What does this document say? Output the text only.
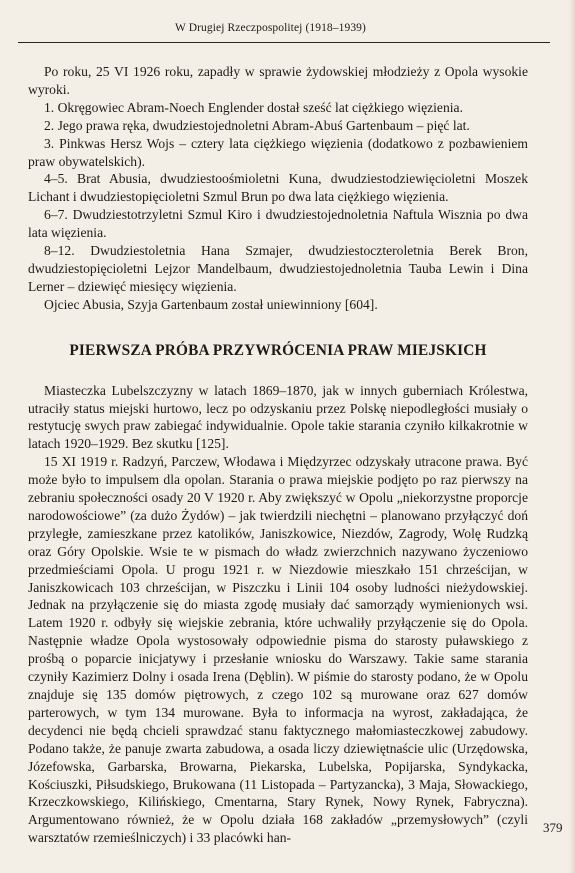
W Drugiej Rzeczpospolitej (1918–1939)

Po roku, 25 VI 1926 roku, zapadły w sprawie żydowskiej młodzieży z Opola wysokie wyroki.

1. Okręgowiec Abram-Noech Englender dostał sześć lat ciężkiego więzienia.

2. Jego prawa ręka, dwudziestojednoletni Abram-Abuś Gartenbaum – pięć lat.

3. Pinkwas Hersz Wojs – cztery lata ciężkiego więzienia (dodatkowo z pozbawieniem praw obywatelskich).

4–5. Brat Abusia, dwudziestoośmioletni Kuna, dwudziestodziewięcioletni Moszek Lichant i dwudziestopięcioletni Szmul Brun po dwa lata ciężkiego więzienia.

6–7. Dwudziestotrzyletni Szmul Kiro i dwudziestojednoletnia Naftula Wisznia po dwa lata więzienia.

8–12. Dwudziestoletnia Hana Szmajer, dwudziestoczteroletnia Berek Bron, dwudziestopięcioletni Lejzor Mandelbaum, dwudziestojednoletnia Tauba Lewin i Dina Lerner – dziewięć miesięcy więzienia.

Ojciec Abusia, Szyja Gartenbaum został uniewinniony [604].

PIERWSZA PRÓBA PRZYWRÓCENIA PRAW MIEJSKICH

Miasteczka Lubelszczyzny w latach 1869–1870, jak w innych guberniach Królestwa, utraciły status miejski hurtowo, lecz po odzyskaniu przez Polskę niepodległości musiały o restytucję swych praw zabiegać indywidualnie. Opole takie starania czyniło kilkakrotnie w latach 1920–1929. Bez skutku [125].

15 XI 1919 r. Radzyń, Parczew, Włodawa i Międzyrzec odzyskały utracone prawa. Być może było to impulsem dla opolan. Starania o prawa miejskie podjęto po raz pierwszy na zebraniu społeczności osady 20 V 1920 r. Aby zwiększyć w Opolu „niekorzystne proporcje narodowościowe” (za dużo Żydów) – jak twierdzili niechętni – planowano przyłączyć doń przyległe, zamieszkane przez katolików, Janiszkowice, Niezdów, Zagrody, Wolę Rudzką oraz Góry Opolskie. Wsie te w pismach do władz zwierzchnich nazywano życzeniowo przedmieściami Opola. U progu 1921 r. w Niezdowie mieszkało 151 chrześcijan, w Janiszkowicach 103 chrześcijan, w Piszczku i Linii 104 osoby ludności nieżydowskiej. Jednak na przyłączenie się do miasta zgodę musiały dać samorządy wymienionych wsi. Latem 1920 r. odbyły się wiejskie zebrania, które uchwaliły przyłączenie się do Opola. Następnie władze Opola wystosowały odpowiednie pisma do starosty puławskiego z prośbą o poparcie inicjatywy i przesłanie wniosku do Warszawy. Takie same starania czyniły Kazimierz Dolny i osada Irena (Dęblin). W piśmie do starosty podano, że w Opolu znajduje się 135 domów piętrowych, z czego 102 są murowane oraz 627 domów parterowych, w tym 134 murowane. Była to informacja na wyrost, zakładająca, że decydenci nie będą chcieli sprawdzać stanu faktycznego małomiasteczkowej zabudowy. Podano także, że panuje zwarta zabudowa, a osada liczy dziewiętnaście ulic (Urzędowska, Józefowska, Garbarska, Browarna, Piekarska, Lubelska, Popijarska, Syndykacka, Kościuszki, Piłsudskiego, Brukowana (11 Listopada – Partyzancka), 3 Maja, Słowackiego, Krzeczkowskiego, Kilińskiego, Cmentarna, Stary Rynek, Nowy Rynek, Fabryczna). Argumentowano również, że w Opolu działa 168 zakładów „przemysłowych” (czyli warsztatów rzemieślniczych) i 33 placówki han-

379
